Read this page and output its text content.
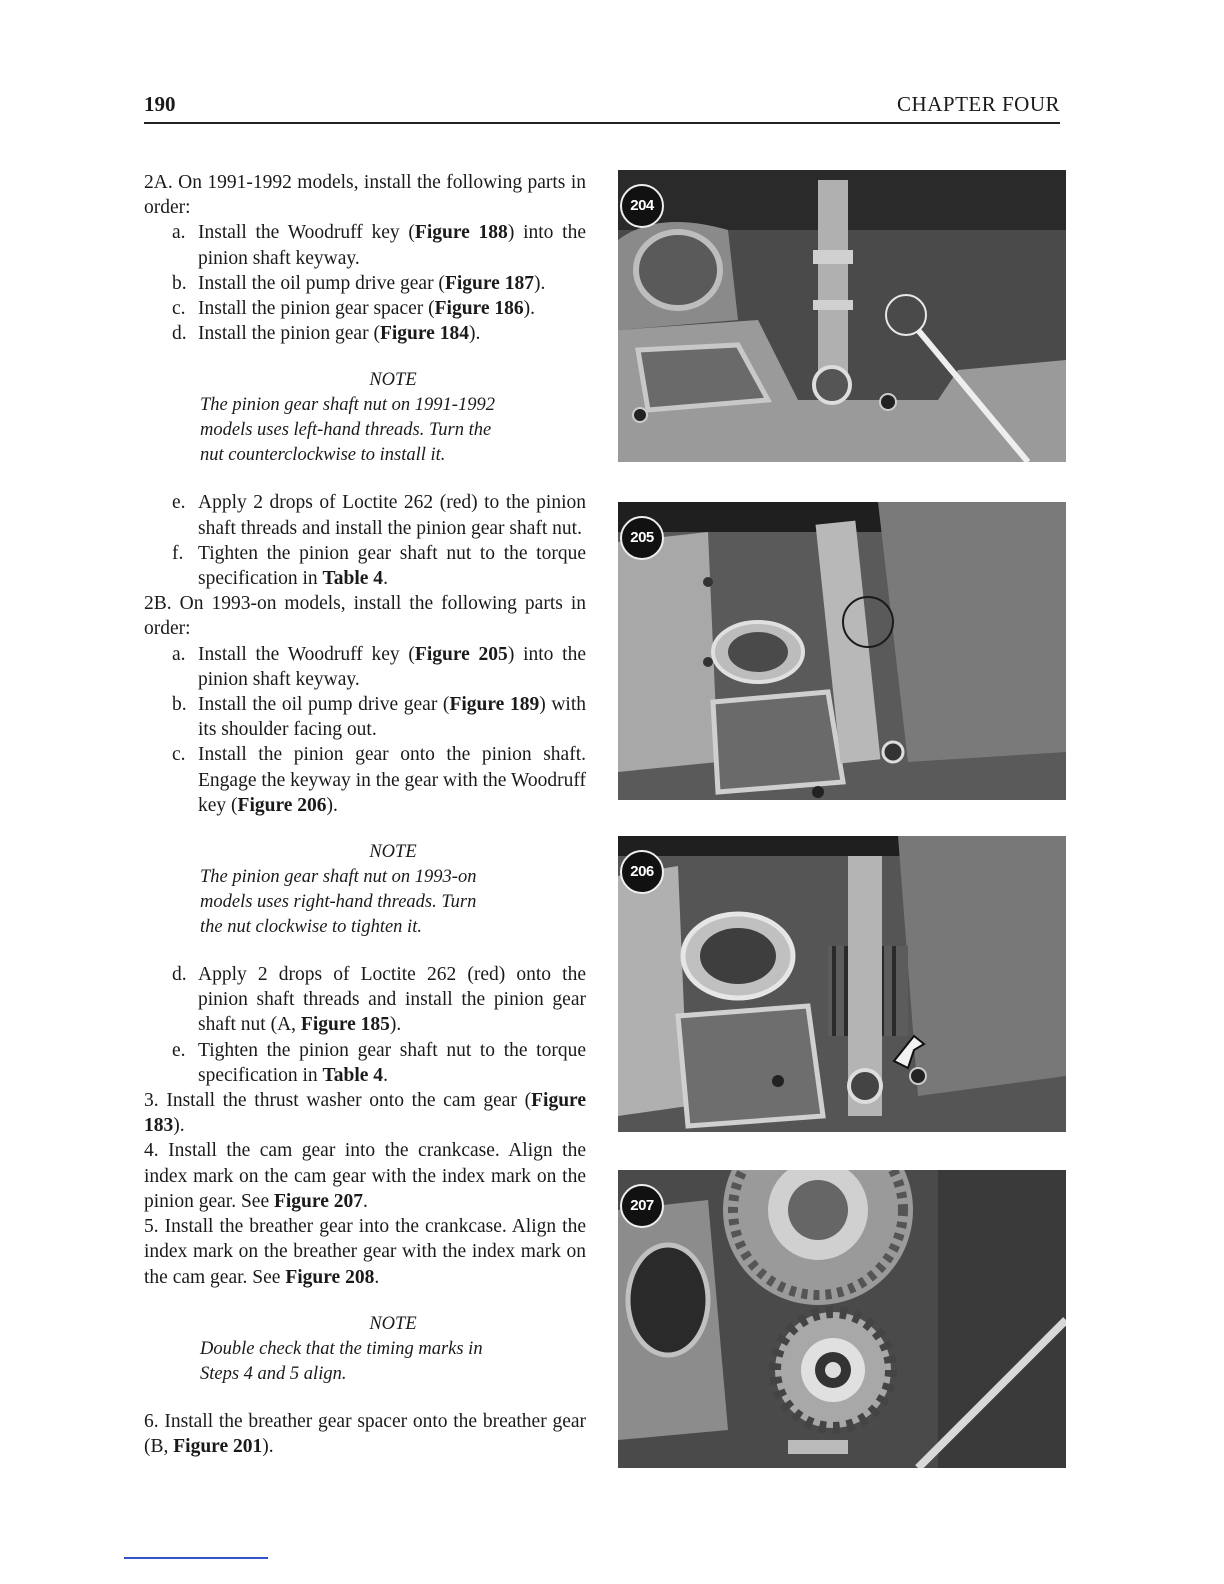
190	CHAPTER FOUR

2A. On 1991-1992 models, install the following parts in order:

a. Install the Woodruff key (Figure 188) into the pinion shaft keyway.

b. Install the oil pump drive gear (Figure 187).

c. Install the pinion gear spacer (Figure 186).

d. Install the pinion gear (Figure 184).

NOTE
The pinion gear shaft nut on 1991-1992
models uses left-hand threads. Turn the
nut counterclockwise to install it.

e. Apply 2 drops of Loctite 262 (red) to the pinion shaft threads and install the pinion gear shaft nut.

f. Tighten the pinion gear shaft nut to the torque specification in Table 4.

2B. On 1993-on models, install the following parts in order:

a. Install the Woodruff key (Figure 205) into the pinion shaft keyway.

b. Install the oil pump drive gear (Figure 189) with its shoulder facing out.

c. Install the pinion gear onto the pinion shaft. Engage the keyway in the gear with the Woodruff key (Figure 206).

NOTE
The pinion gear shaft nut on 1993-on
models uses right-hand threads. Turn
the nut clockwise to tighten it.

d. Apply 2 drops of Loctite 262 (red) onto the pinion shaft threads and install the pinion gear shaft nut (A, Figure 185).

e. Tighten the pinion gear shaft nut to the torque specification in Table 4.

3. Install the thrust washer onto the cam gear (Figure 183).

4. Install the cam gear into the crankcase. Align the index mark on the cam gear with the index mark on the pinion gear. See Figure 207.

5. Install the breather gear into the crankcase. Align the index mark on the breather gear with the index mark on the cam gear. See Figure 208.

NOTE
Double check that the timing marks in
Steps 4 and 5 align.

6. Install the breather gear spacer onto the breather gear (B, Figure 201).

204
205
206
207
